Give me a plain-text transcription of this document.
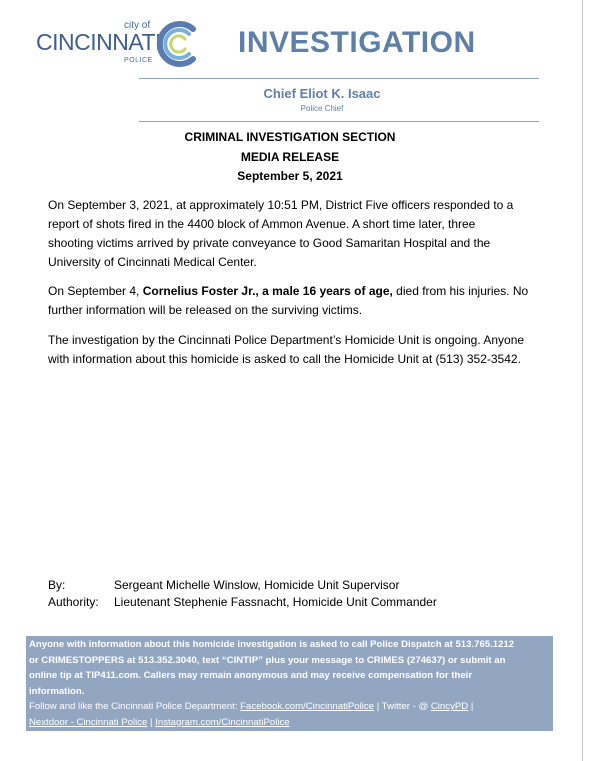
city of
CINCINNATI
POLICE
INVESTIGATION
Chief Eliot K. Isaac
Police Chief
CRIMINAL INVESTIGATION SECTION
MEDIA RELEASE
September 5, 2021

On September 3, 2021, at approximately 10:51 PM, District Five officers responded to a
report of shots fired in the 4400 block of Ammon Avenue. A short time later, three
shooting victims arrived by private conveyance to Good Samaritan Hospital and the
University of Cincinnati Medical Center.

On September 4, Cornelius Foster Jr., a male 16 years of age, died from his injuries. No
further information will be released on the surviving victims.

The investigation by the Cincinnati Police Department’s Homicide Unit is ongoing. Anyone
with information about this homicide is asked to call the Homicide Unit at (513) 352-3542.

By:	Sergeant Michelle Winslow, Homicide Unit Supervisor
Authority: Lieutenant Stephenie Fassnacht, Homicide Unit Commander
Anyone with information about this homicide investigation is asked to call Police Dispatch at 513.765.1212
or CRIMESTOPPERS at 513.352.3040, text “CINTIP” plus your message to CRIMES (274637) or submit an
online tip at TIP411.com. Callers may remain anonymous and may receive compensation for their
information.
Follow and like the Cincinnati Police Department: Facebook.com/CincinnatiPolice | Twitter - @ CincyPD |
Nextdoor - Cincinnati Police | Instagram.com/CincinnatiPolice
